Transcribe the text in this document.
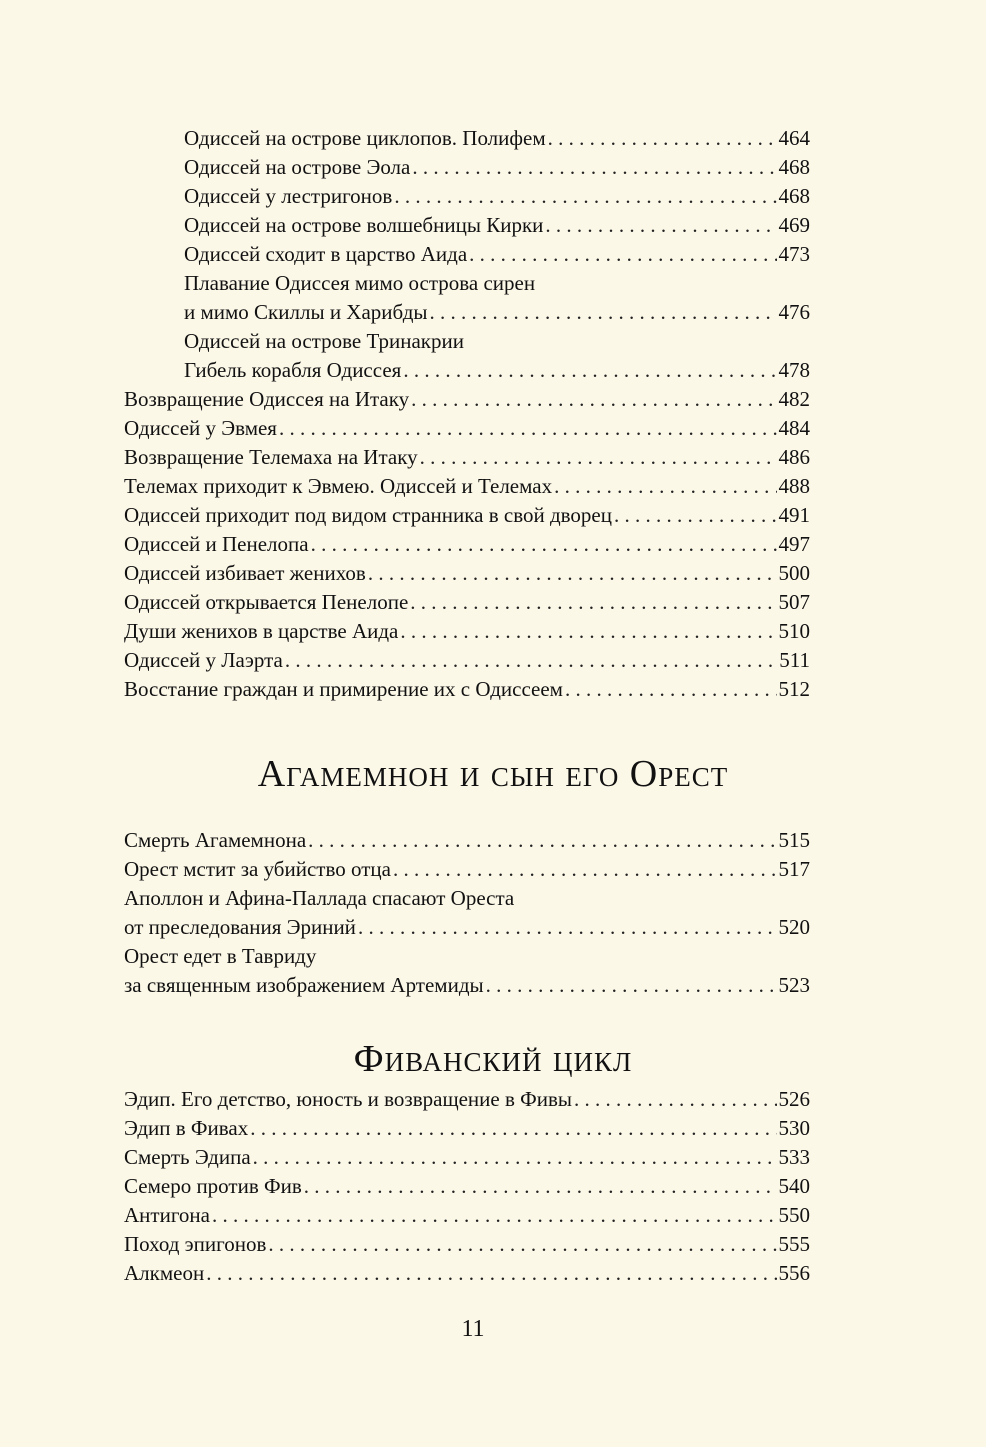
Одиссей на острове циклопов. Полифем . . .	464
Одиссей на острове Эола . . .	468
Одиссей у лестригонов . . .	468
Одиссей на острове волшебницы Кирки . . .	469
Одиссей сходит в царство Аида . . .	473
Плавание Одиссея мимо острова сирен
и мимо Скиллы и Харибды . . .	476
Одиссей на острове Тринакрии
Гибель корабля Одиссея . . .	478
Возвращение Одиссея на Итаку . . .	482
Одиссей у Эвмея . . .	484
Возвращение Телемаха на Итаку . . .	486
Телемах приходит к Эвмею. Одиссей и Телемах . . .	488
Одиссей приходит под видом странника в свой дворец . . .	491
Одиссей и Пенелопа . . .	497
Одиссей избивает женихов . . .	500
Одиссей открывается Пенелопе . . .	507
Души женихов в царстве Аида . . .	510
Одиссей у Лаэрта . . .	511
Восстание граждан и примирение их с Одиссеем . . .	512
Агамемнон и сын его Орест
Смерть Агамемнона . . .	515
Орест мстит за убийство отца . . .	517
Аполлон и Афина-Паллада спасают Ореста
от преследования Эриний . . .	520
Орест едет в Тавриду
за священным изображением Артемиды . . .	523
Фиванский цикл
Эдип. Его детство, юность и возвращение в Фивы . . .	526
Эдип в Фивах . . .	530
Смерть Эдипа . . .	533
Семеро против Фив . . .	540
Антигона . . .	550
Поход эпигонов . . .	555
Алкмеон . . .	556
11
